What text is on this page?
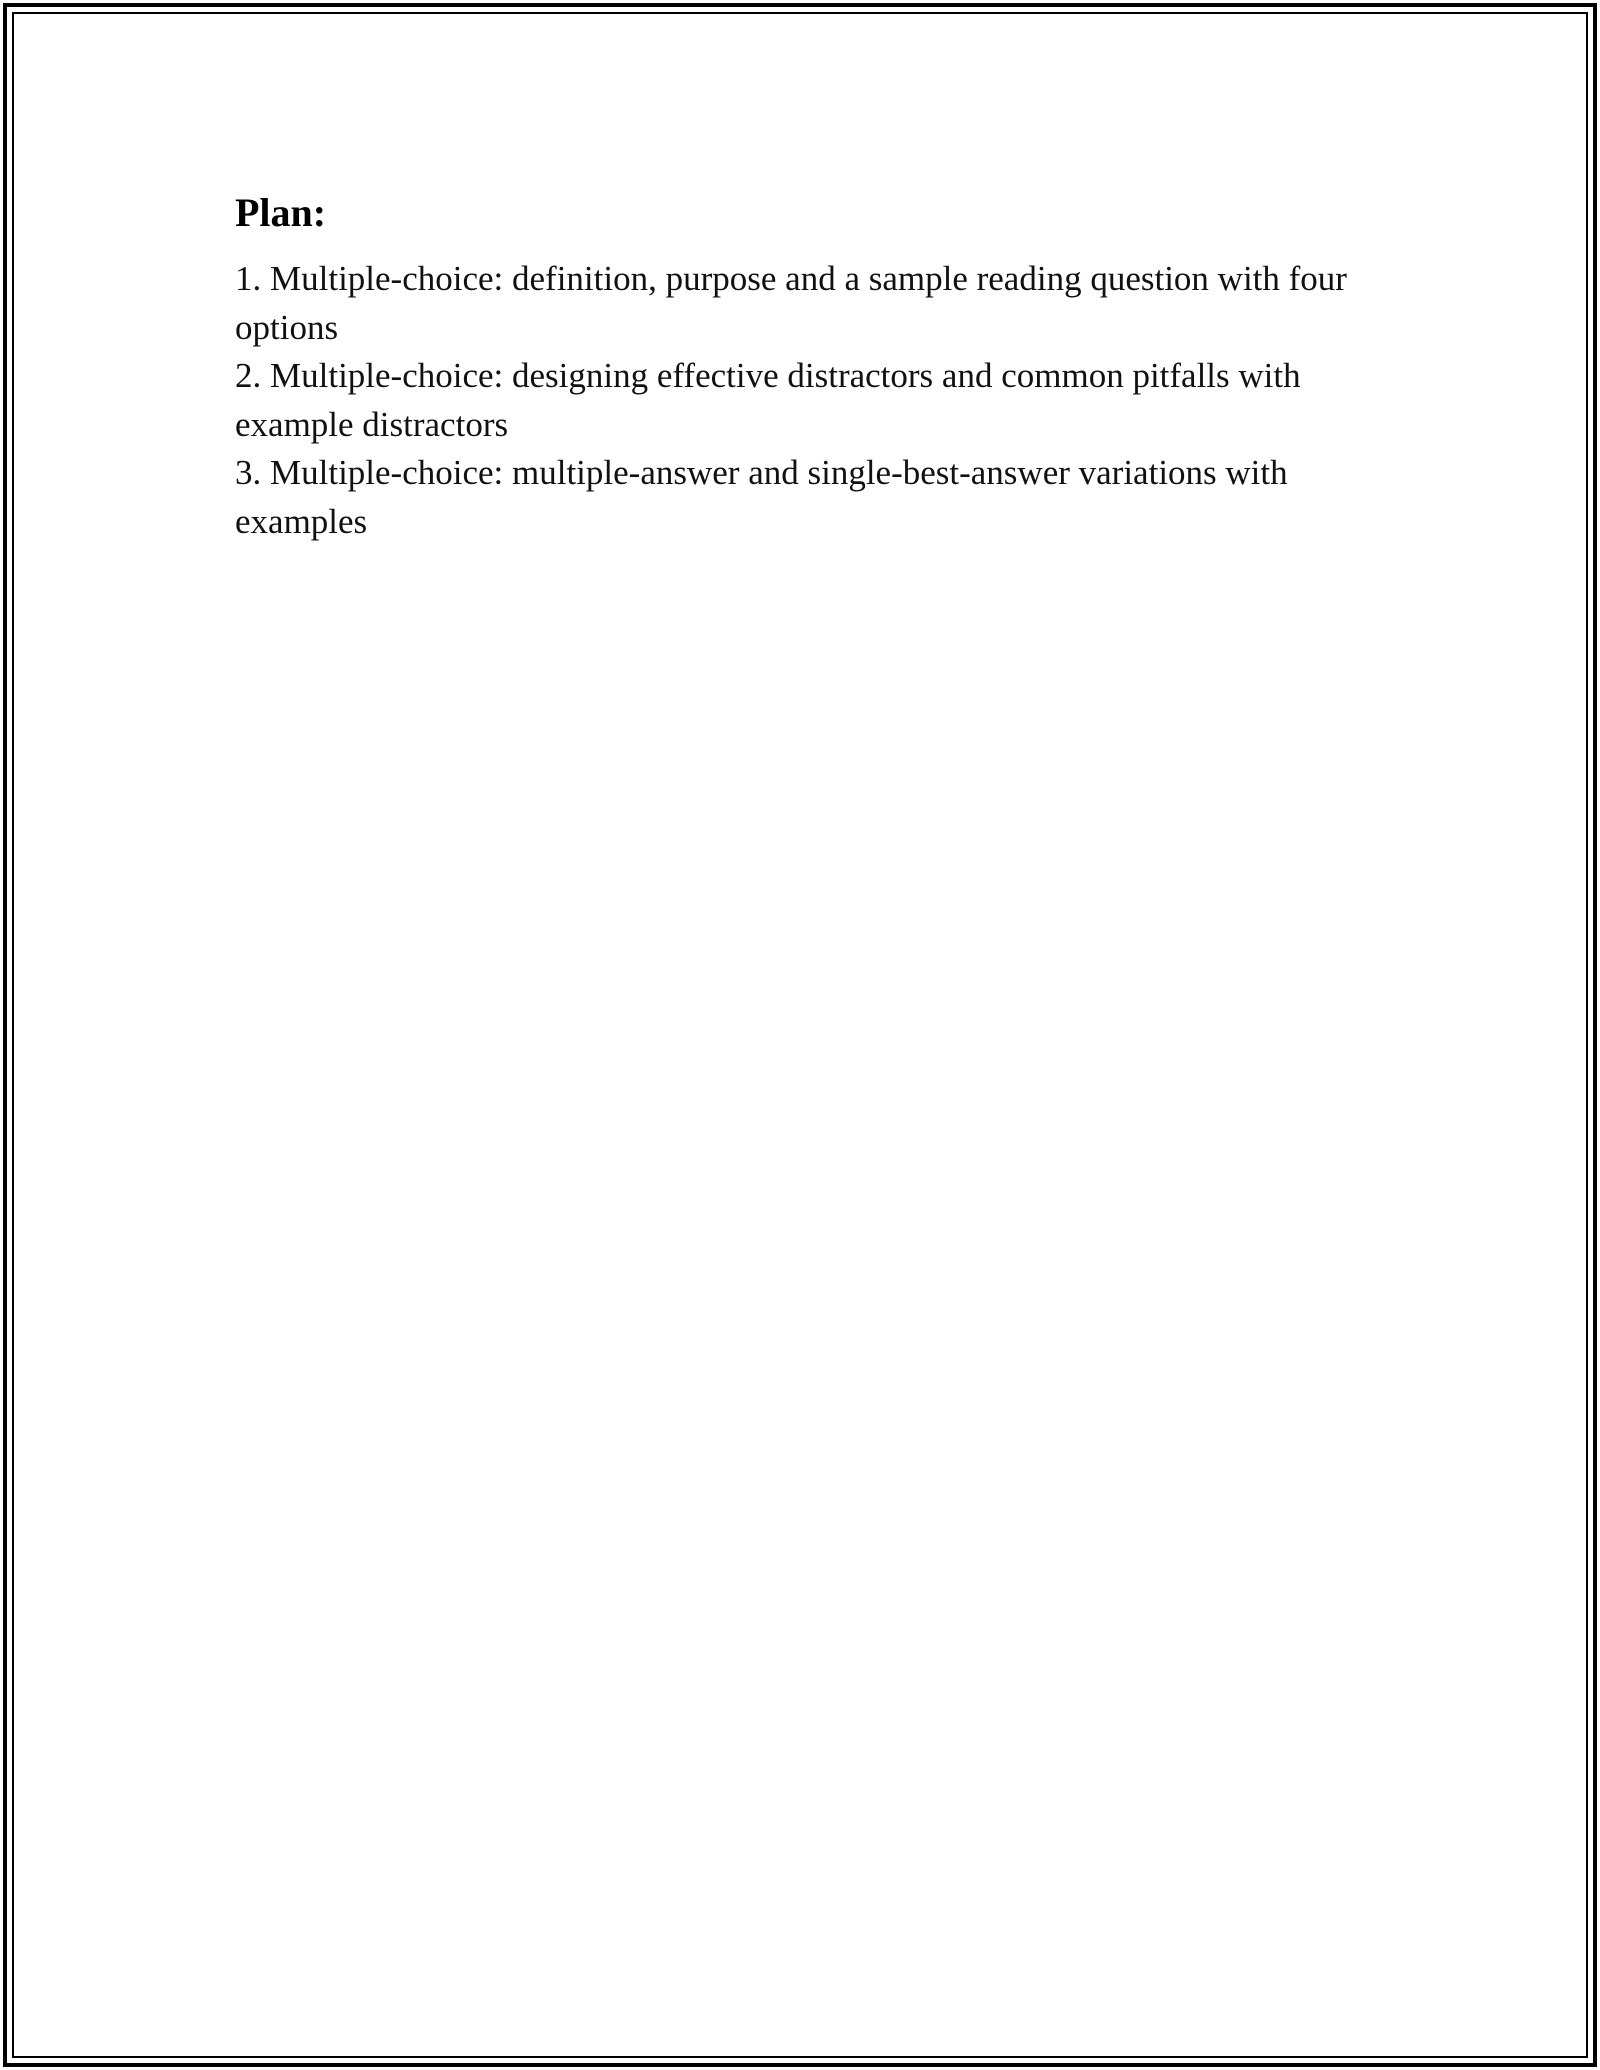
Plan:
1. Multiple-choice: definition, purpose and a sample reading question with four options
2. Multiple-choice: designing effective distractors and common pitfalls with example distractors
3. Multiple-choice: multiple-answer and single-best-answer variations with examples
